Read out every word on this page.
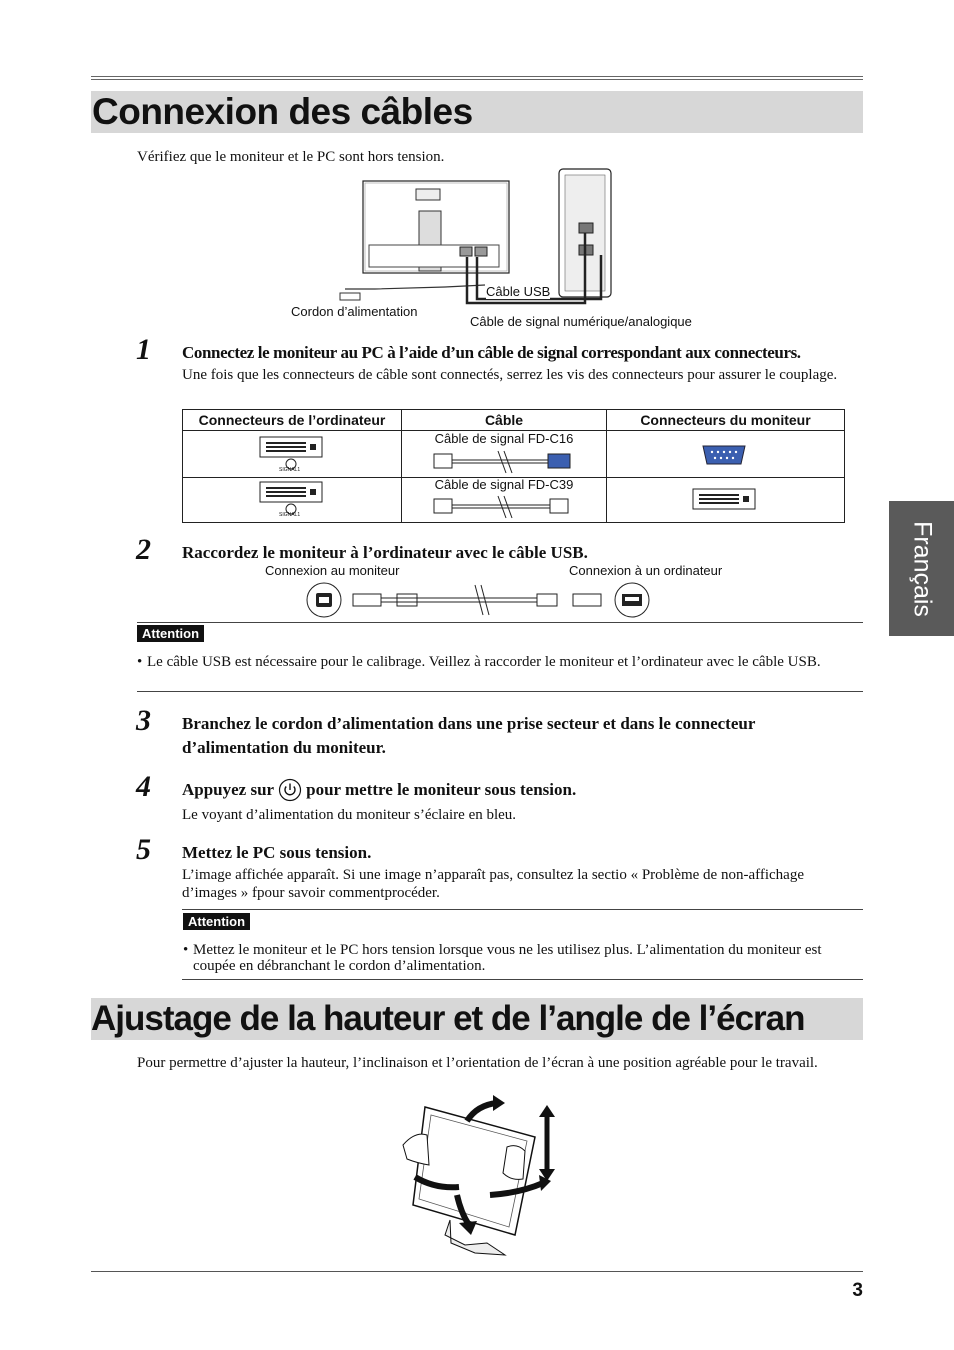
Connexion des câbles
Vérifiez que le moniteur et le PC sont hors tension.
Câble USB
Cordon d’alimentation
Câble de signal numérique/analogique
1 Connectez le moniteur au PC à l’aide d’un câble de signal correspondant aux connecteurs.
Une fois que les connecteurs de câble sont connectés, serrez les vis des connecteurs pour assurer le couplage.
Connecteurs de l’ordinateur	Câble	Connecteurs du moniteur

SIGNAL1	Câble de signal FD-C16

SIGNAL1	Câble de signal FD-C39

2 Raccordez le moniteur à l’ordinateur avec le câble USB.
Connexion au moniteur	Connexion à un ordinateur
Attention
• Le câble USB est nécessaire pour le calibrage. Veillez à raccorder le moniteur et l’ordinateur avec le câble USB.
3 Branchez le cordon d’alimentation dans une prise secteur et dans le connecteur d’alimentation du moniteur.
4 Appuyez sur pour mettre le moniteur sous tension.
Le voyant d’alimentation du moniteur s’éclaire en bleu.
5 Mettez le PC sous tension.
L’image affichée apparaît. Si une image n’apparaît pas, consultez la sectio « Problème de non-affichage d’images » fpour savoir commentprocéder.
Attention
• Mettez le moniteur et le PC hors tension lorsque vous ne les utilisez plus. L’alimentation du moniteur est coupée en débranchant le cordon d’alimentation.
Ajustage de la hauteur et de l’angle de l’écran
Pour permettre d’ajuster la hauteur, l’inclinaison et l’orientation de l’écran à une position agréable pour le travail.
Français
3
